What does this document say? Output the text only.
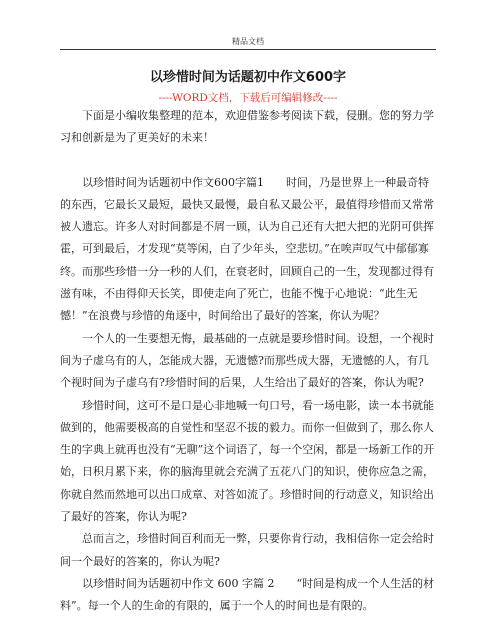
精品文档
以珍惜时间为话题初中作文600字
----WORD文档，下载后可编辑修改----

下面是小编收集整理的范本，欢迎借鉴参考阅读下载，侵删。您的努力学习和创新是为了更美好的未来！

以珍惜时间为话题初中作文600字篇1　　时间，乃是世界上一种最奇特的东西，它最长又最短，最快又最慢，最自私又最公平，最值得珍惜而又常常被人遗忘。许多人对时间都是不屑一顾，认为自己还有大把大把的光阴可供挥霍，可到最后，才发现“莫等闲，白了少年头，空悲切。”在唉声叹气中郁郁寡终。而那些珍惜一分一秒的人们，在衰老时，回顾自己的一生，发现都过得有滋有味，不由得仰天长笑，即使走向了死亡，也能不愧于心地说：“此生无憾！”在浪费与珍惜的角逐中，时间给出了最好的答案，你认为呢？

一个人的一生要想无悔，最基础的一点就是要珍惜时间。设想，一个视时间为子虚乌有的人，怎能成大器，无遗憾?而那些成大器，无遗憾的人，有几个视时间为子虚乌有?珍惜时间的后果，人生给出了最好的答案，你认为呢?

珍惜时间，这可不是口是心非地喊一句口号，看一场电影，读一本书就能做到的，他需要极高的自觉性和坚忍不拔的毅力。而你一但做到了，那么你人生的字典上就再也没有“无聊”这个词语了，每一个空闲，都是一场新工作的开始，日积月累下来，你的脑海里就会充满了五花八门的知识，使你应急之需，你就自然而然地可以出口成章、对答如流了。珍惜时间的行动意义，知识给出了最好的答案，你认为呢?

总而言之，珍惜时间百利而无一弊，只要你肯行动，我相信你一定会给时间一个最好的答案的，你认为呢?

以珍惜时间为话题初中作文 600 字篇 2　　“时间是构成一个人生活的材料”。每一个人的生命的有限的，属于一个人的时间也是有限的。
